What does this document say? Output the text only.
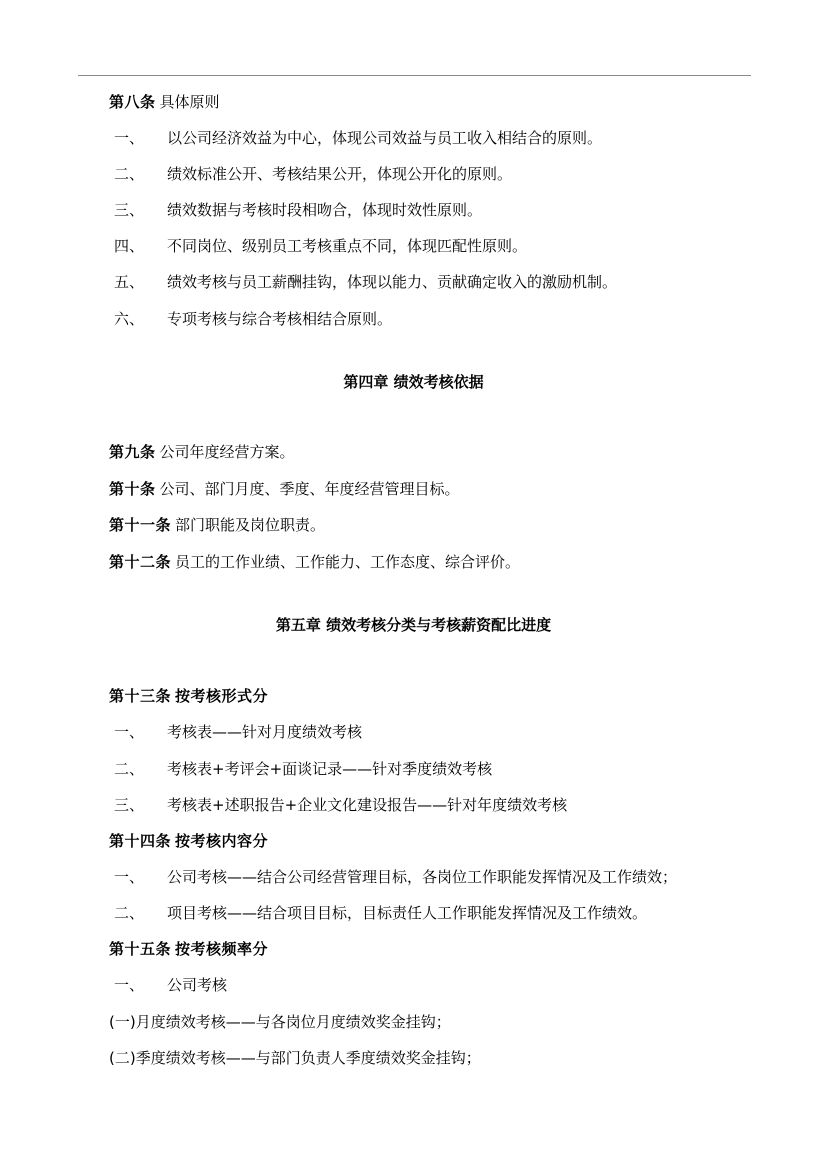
第八条 具体原则
一、 以公司经济效益为中心，体现公司效益与员工收入相结合的原则。
二、 绩效标准公开、考核结果公开，体现公开化的原则。
三、 绩效数据与考核时段相吻合，体现时效性原则。
四、 不同岗位、级别员工考核重点不同，体现匹配性原则。
五、 绩效考核与员工薪酬挂钩，体现以能力、贡献确定收入的激励机制。
六、 专项考核与综合考核相结合原则。
第四章 绩效考核依据
第九条 公司年度经营方案。
第十条 公司、部门月度、季度、年度经营管理目标。
第十一条 部门职能及岗位职责。
第十二条 员工的工作业绩、工作能力、工作态度、综合评价。
第五章 绩效考核分类与考核薪资配比进度
第十三条 按考核形式分
一、 考核表——针对月度绩效考核
二、 考核表+考评会+面谈记录——针对季度绩效考核
三、 考核表+述职报告+企业文化建设报告——针对年度绩效考核
第十四条 按考核内容分
一、 公司考核——结合公司经营管理目标，各岗位工作职能发挥情况及工作绩效；
二、 项目考核——结合项目目标，目标责任人工作职能发挥情况及工作绩效。
第十五条 按考核频率分
一、 公司考核
(一)月度绩效考核——与各岗位月度绩效奖金挂钩；
(二)季度绩效考核——与部门负责人季度绩效奖金挂钩；
